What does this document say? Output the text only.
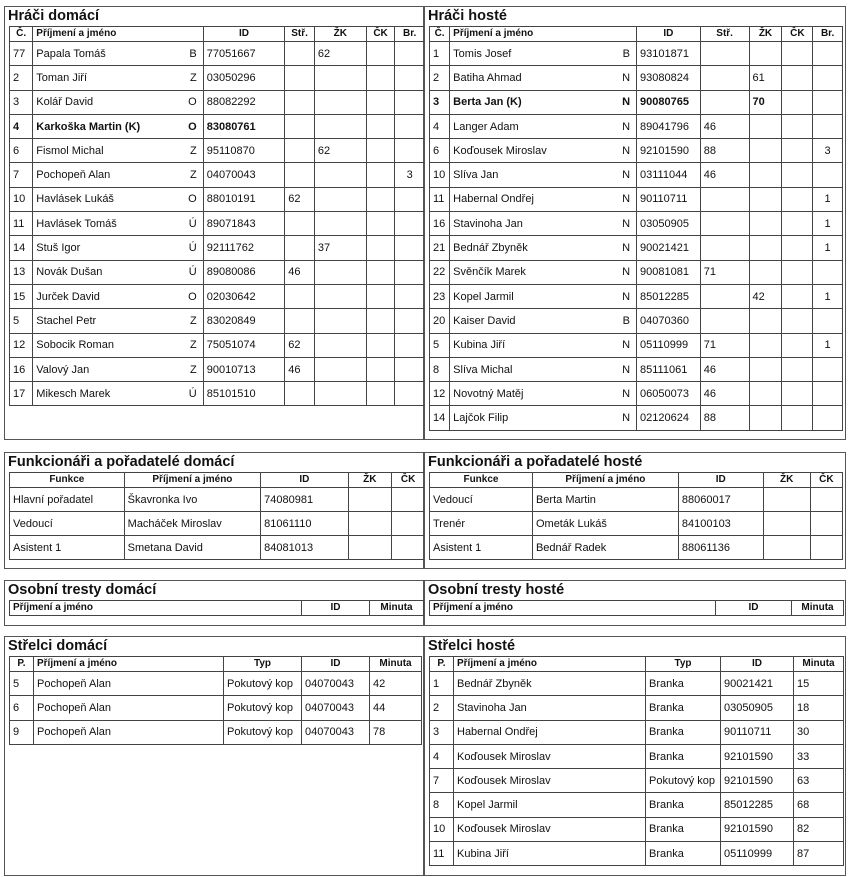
Hráči domácí
Č.	Příjmení a jméno	ID	Stř.	ŽK	ČK	Br.
77	Papala Tomáš B	77051667		62		
2	Toman Jiří Z	03050296				
3	Kolář David O	88082292				
4	Karkoška Martin (K) O	83080761				
6	Fismol Michal Z	95110870		62		
7	Pochopeň Alan Z	04070043				3
10	Havlásek Lukáš O	88010191	62			
11	Havlásek Tomáš Ú	89071843				
14	Stuš Igor Ú	92111762		37		
13	Novák Dušan Ú	89080086	46			
15	Jurček David O	02030642				
5	Stachel Petr Z	83020849				
12	Sobocik Roman Z	75051074	62			
16	Valový Jan Z	90010713	46			
17	Mikesch Marek Ú	85101510				
Hráči hosté
Č.	Příjmení a jméno	ID	Stř.	ŽK	ČK	Br.
1	Tomis Josef B	93101871				
2	Batiha Ahmad N	93080824		61		
3	Berta Jan (K) N	90080765		70		
4	Langer Adam N	89041796	46			
6	Koďousek Miroslav N	92101590	88			3
10	Slíva Jan N	03111044	46			
11	Habernal Ondřej N	90110711				1
16	Stavinoha Jan N	03050905				1
21	Bednář Zbyněk N	90021421				1
22	Svěnčík Marek N	90081081	71			
23	Kopel Jarmil N	85012285		42		1
20	Kaiser David B	04070360				
5	Kubina Jiří N	05110999	71			1
8	Slíva Michal N	85111061	46			
12	Novotný Matěj N	06050073	46			
14	Lajčok Filip N	02120624	88			
Funkcionáři a pořadatelé domácí
Funkce	Příjmení a jméno	ID	ŽK	ČK
Hlavní pořadatel	Škavronka Ivo	74080981		
Vedoucí	Macháček Miroslav	81061110		
Asistent 1	Smetana David	84081013		
Funkcionáři a pořadatelé hosté
Funkce	Příjmení a jméno	ID	ŽK	ČK
Vedoucí	Berta Martin	88060017		
Trenér	Ometák Lukáš	84100103		
Asistent 1	Bednář Radek	88061136		
Osobní tresty domácí
Příjmení a jméno	ID	Minuta
Osobní tresty hosté
Příjmení a jméno	ID	Minuta
Střelci domácí
P.	Příjmení a jméno	Typ	ID	Minuta
5	Pochopeň Alan	Pokutový kop	04070043	42
6	Pochopeň Alan	Pokutový kop	04070043	44
9	Pochopeň Alan	Pokutový kop	04070043	78
Střelci hosté
P.	Příjmení a jméno	Typ	ID	Minuta
1	Bednář Zbyněk	Branka	90021421	15
2	Stavinoha Jan	Branka	03050905	18
3	Habernal Ondřej	Branka	90110711	30
4	Koďousek Miroslav	Branka	92101590	33
7	Koďousek Miroslav	Pokutový kop	92101590	63
8	Kopel Jarmil	Branka	85012285	68
10	Koďousek Miroslav	Branka	92101590	82
11	Kubina Jiří	Branka	05110999	87
